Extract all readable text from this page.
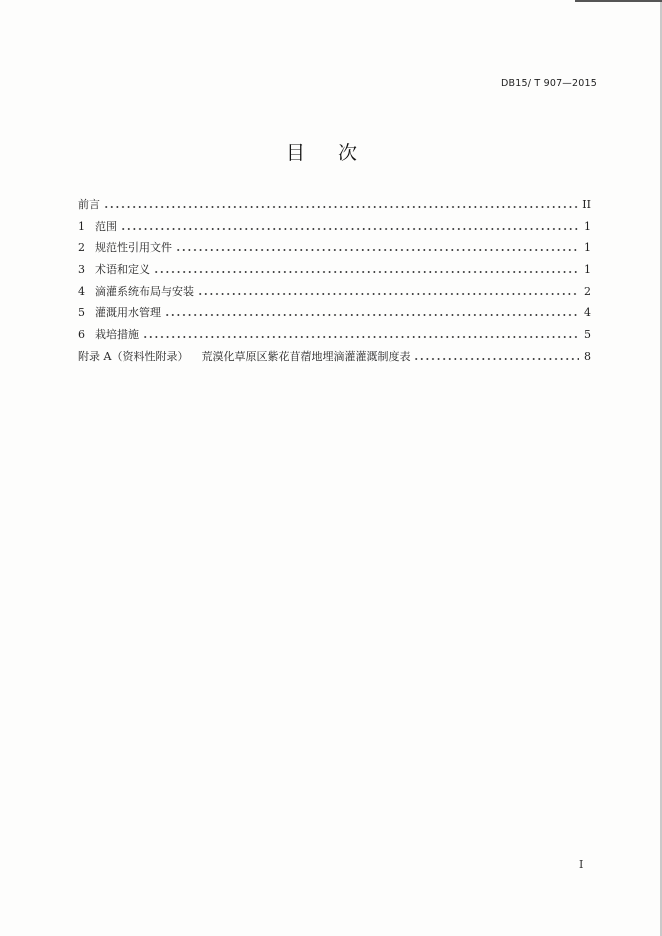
DB15/ T 907—2015
目　次
前言	II
1 范围	1
2 规范性引用文件	1
3 术语和定义	1
4 滴灌系统布局与安装	2
5 灌溉用水管理	4
6 栽培措施	5
附录 A（资料性附录） 荒漠化草原区紫花苜蓿地埋滴灌灌溉制度表	8
I
